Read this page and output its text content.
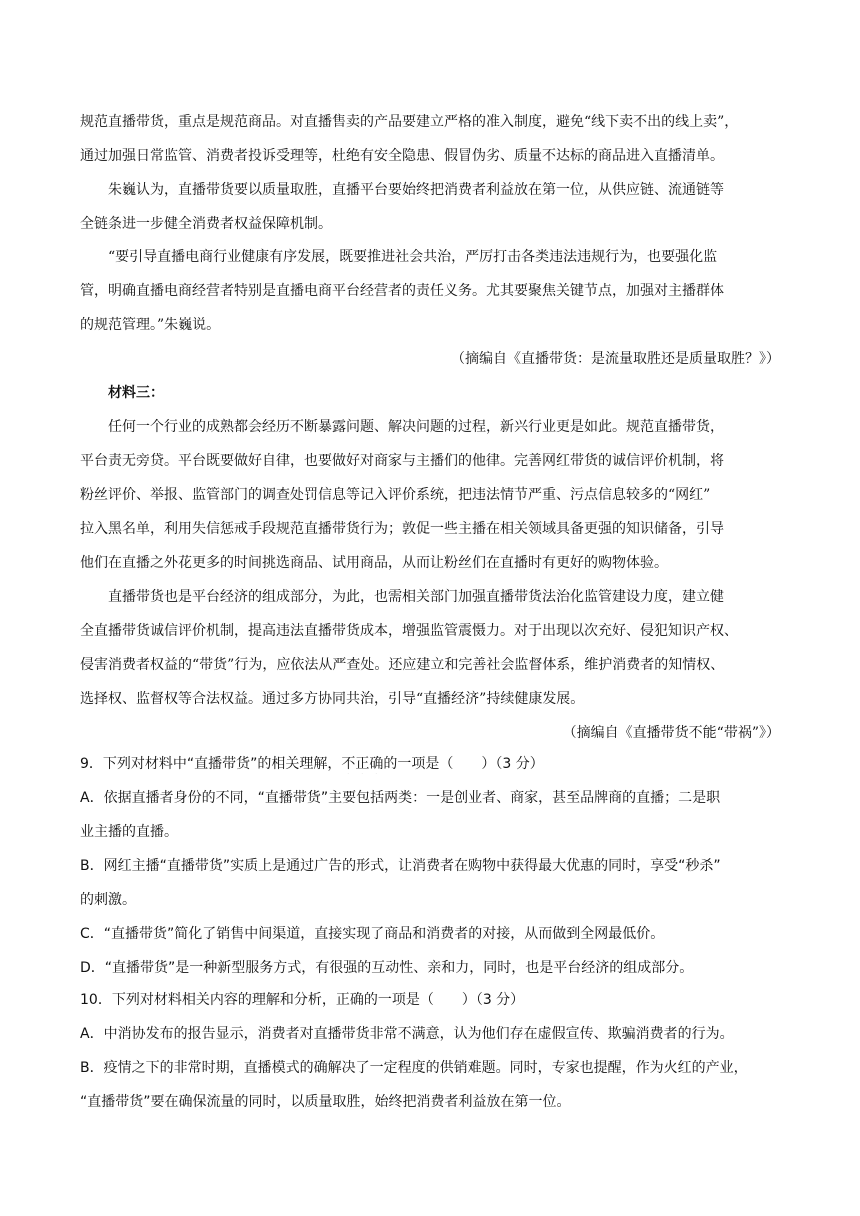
规范直播带货，重点是规范商品。对直播售卖的产品要建立严格的准入制度，避免“线下卖不出的线上卖”，
通过加强日常监管、消费者投诉受理等，杜绝有安全隐患、假冒伪劣、质量不达标的商品进入直播清单。
朱巍认为，直播带货要以质量取胜，直播平台要始终把消费者利益放在第一位，从供应链、流通链等
全链条进一步健全消费者权益保障机制。
“要引导直播电商行业健康有序发展，既要推进社会共治，严厉打击各类违法违规行为，也要强化监
管，明确直播电商经营者特别是直播电商平台经营者的责任义务。尤其要聚焦关键节点，加强对主播群体
的规范管理。”朱巍说。
（摘编自《直播带货：是流量取胜还是质量取胜？》）
材料三：
任何一个行业的成熟都会经历不断暴露问题、解决问题的过程，新兴行业更是如此。规范直播带货，
平台责无旁贷。平台既要做好自律，也要做好对商家与主播们的他律。完善网红带货的诚信评价机制，将
粉丝评价、举报、监管部门的调查处罚信息等记入评价系统，把违法情节严重、污点信息较多的“网红”
拉入黑名单，利用失信惩戒手段规范直播带货行为；敦促一些主播在相关领域具备更强的知识储备，引导
他们在直播之外花更多的时间挑选商品、试用商品，从而让粉丝们在直播时有更好的购物体验。
直播带货也是平台经济的组成部分，为此，也需相关部门加强直播带货法治化监管建设力度，建立健
全直播带货诚信评价机制，提高违法直播带货成本，增强监管震慑力。对于出现以次充好、侵犯知识产权、
侵害消费者权益的“带货”行为，应依法从严查处。还应建立和完善社会监督体系，维护消费者的知情权、
选择权、监督权等合法权益。通过多方协同共治，引导“直播经济”持续健康发展。
（摘编自《直播带货不能“带祸”》）
9．下列对材料中“直播带货”的相关理解，不正确的一项是（　　）（3 分）
A．依据直播者身份的不同，“直播带货”主要包括两类：一是创业者、商家，甚至品牌商的直播；二是职
业主播的直播。
B．网红主播“直播带货”实质上是通过广告的形式，让消费者在购物中获得最大优惠的同时，享受“秒杀”
的刺激。
C．“直播带货”简化了销售中间渠道，直接实现了商品和消费者的对接，从而做到全网最低价。
D．“直播带货”是一种新型服务方式，有很强的互动性、亲和力，同时，也是平台经济的组成部分。
10．下列对材料相关内容的理解和分析，正确的一项是（　　）（3 分）
A．中消协发布的报告显示，消费者对直播带货非常不满意，认为他们存在虚假宣传、欺骗消费者的行为。
B．疫情之下的非常时期，直播模式的确解决了一定程度的供销难题。同时，专家也提醒，作为火红的产业，
“直播带货”要在确保流量的同时，以质量取胜，始终把消费者利益放在第一位。
